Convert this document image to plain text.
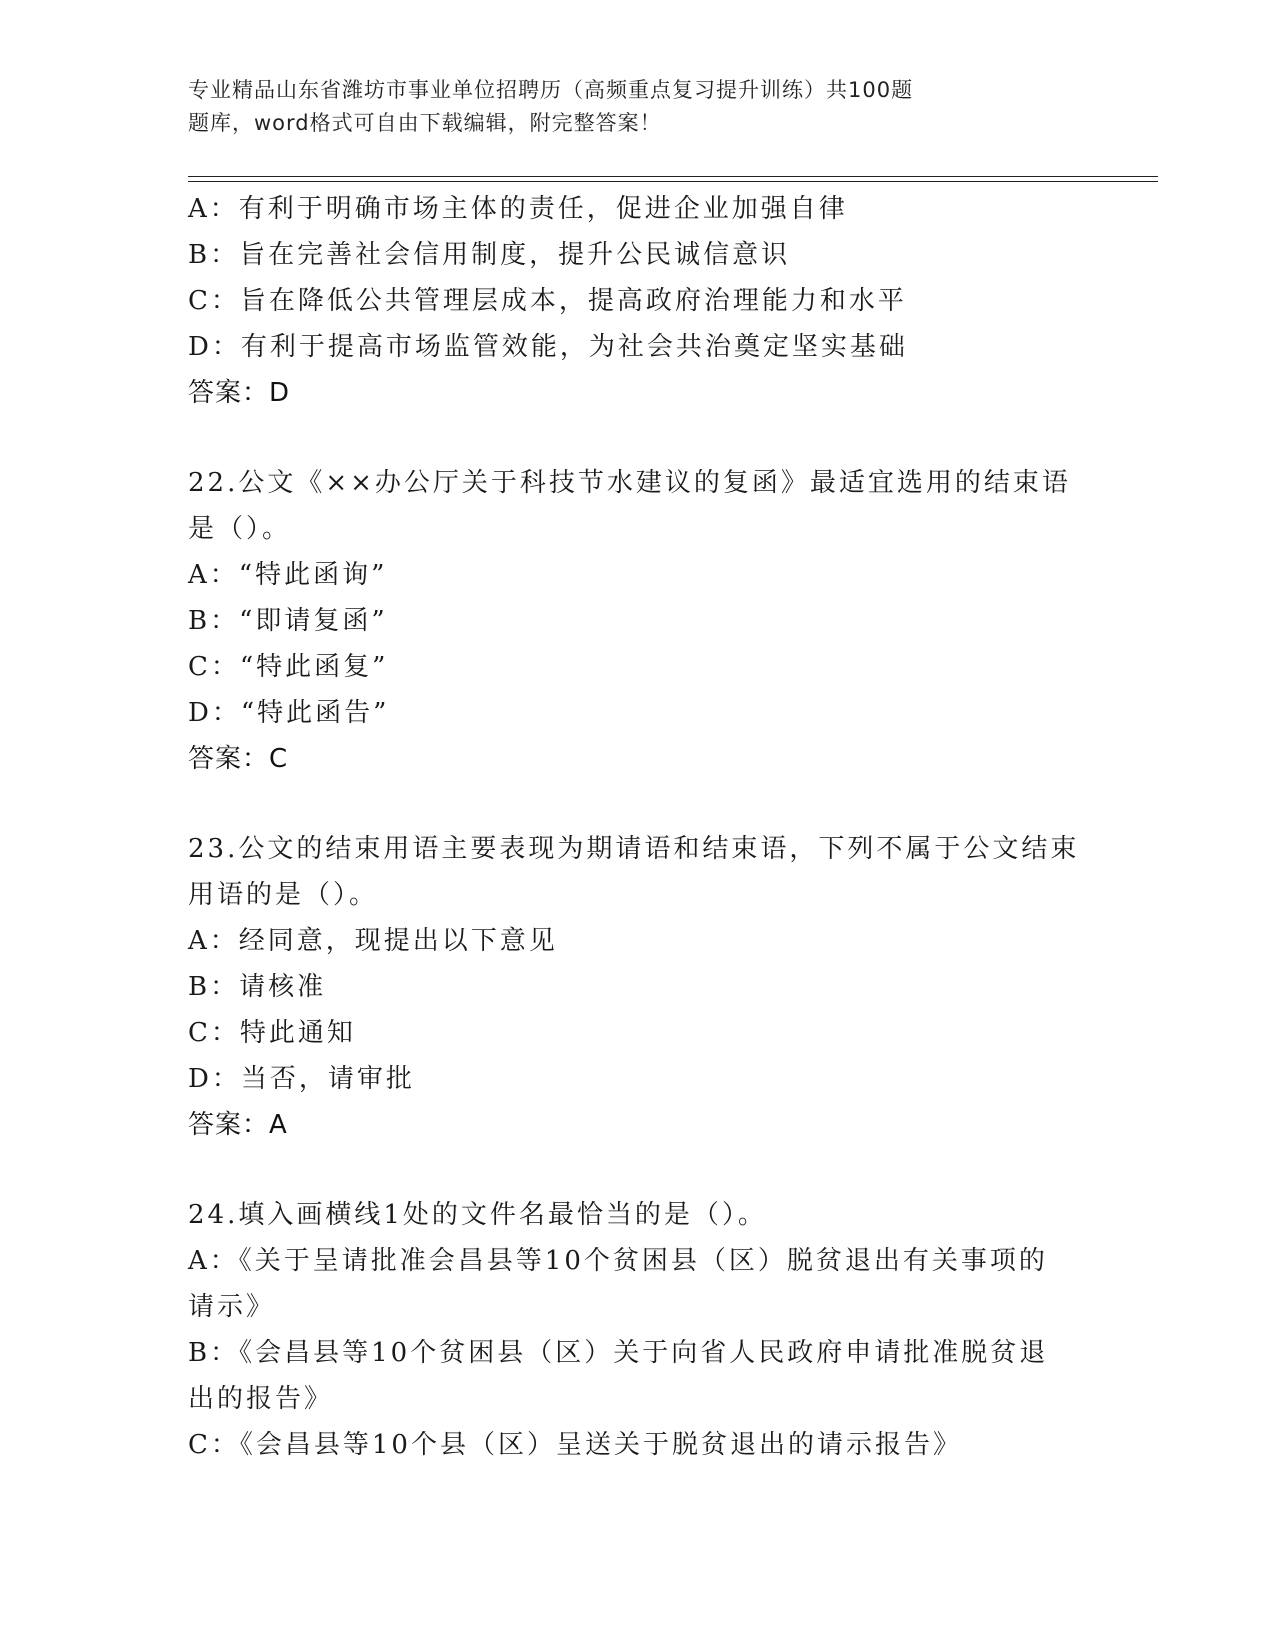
专业精品山东省潍坊市事业单位招聘历（高频重点复习提升训练）共100题
题库，word格式可自由下载编辑，附完整答案！
A：有利于明确市场主体的责任，促进企业加强自律
B：旨在完善社会信用制度，提升公民诚信意识
C：旨在降低公共管理层成本，提高政府治理能力和水平
D：有利于提高市场监管效能，为社会共治奠定坚实基础
答案：D
22.公文《××办公厅关于科技节水建议的复函》最适宜选用的结束语
是（）。
A：“特此函询”
B：“即请复函”
C：“特此函复”
D：“特此函告”
答案：C
23.公文的结束用语主要表现为期请语和结束语，下列不属于公文结束
用语的是（）。
A：经同意，现提出以下意见
B：请核准
C：特此通知
D：当否，请审批
答案：A
24.填入画横线1处的文件名最恰当的是（）。
A：《关于呈请批准会昌县等10个贫困县（区）脱贫退出有关事项的
请示》
B：《会昌县等10个贫困县（区）关于向省人民政府申请批准脱贫退
出的报告》
C：《会昌县等10个县（区）呈送关于脱贫退出的请示报告》
